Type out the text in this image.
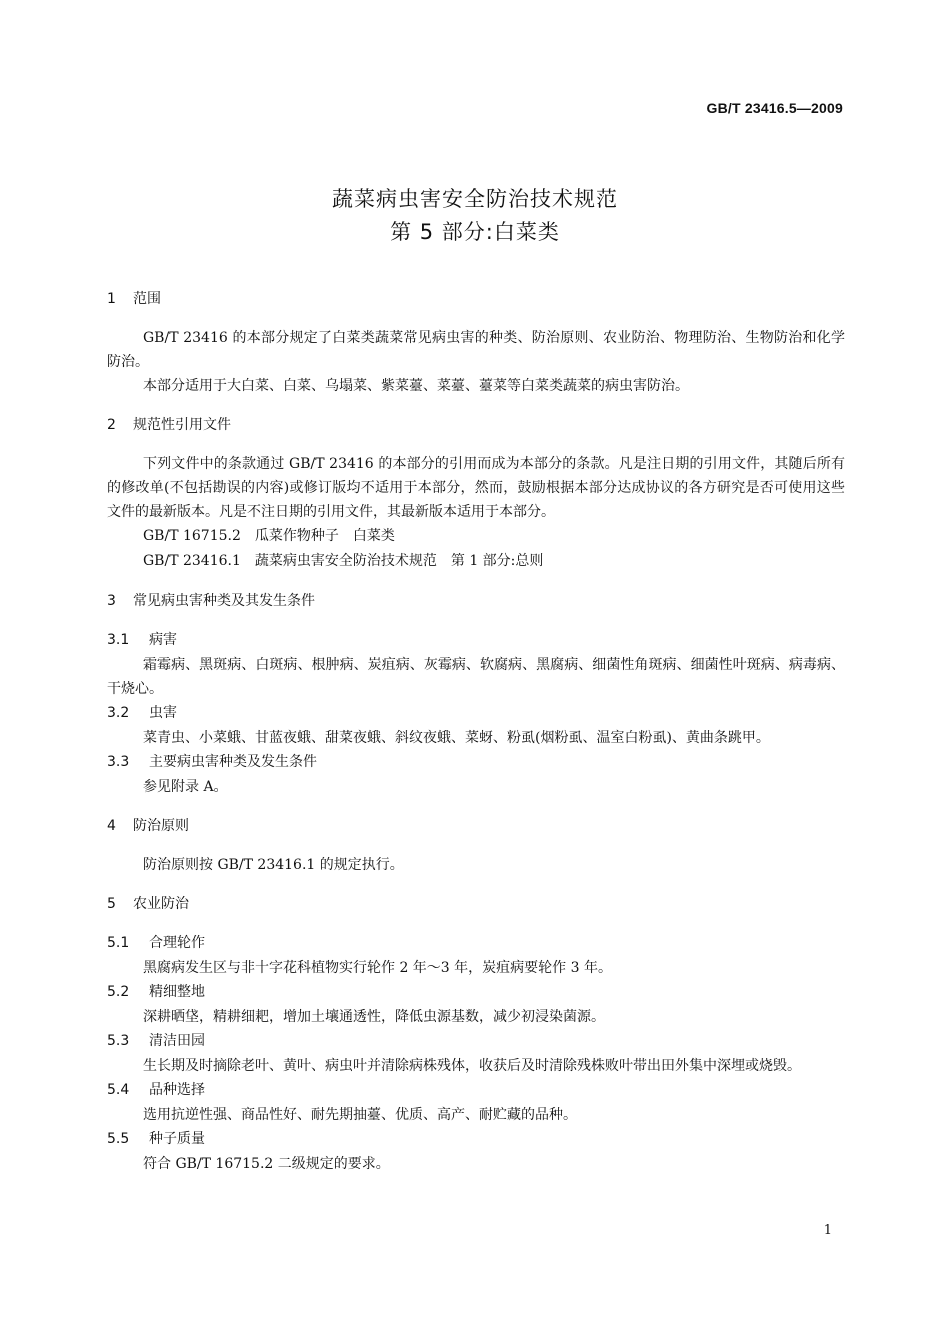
GB/T 23416.5—2009
蔬菜病虫害安全防治技术规范
第 5 部分:白菜类
1 范围

GB/T 23416 的本部分规定了白菜类蔬菜常见病虫害的种类、防治原则、农业防治、物理防治、生物防治和化学防治。

本部分适用于大白菜、白菜、乌塌菜、紫菜薹、菜薹、薹菜等白菜类蔬菜的病虫害防治。

2 规范性引用文件

下列文件中的条款通过 GB/T 23416 的本部分的引用而成为本部分的条款。凡是注日期的引用文件，其随后所有的修改单(不包括勘误的内容)或修订版均不适用于本部分，然而，鼓励根据本部分达成协议的各方研究是否可使用这些文件的最新版本。凡是不注日期的引用文件，其最新版本适用于本部分。

GB/T 16715.2　瓜菜作物种子　白菜类

GB/T 23416.1　蔬菜病虫害安全防治技术规范　第 1 部分:总则

3 常见病虫害种类及其发生条件
3.1 病害

霜霉病、黑斑病、白斑病、根肿病、炭疽病、灰霉病、软腐病、黑腐病、细菌性角斑病、细菌性叶斑病、病毒病、干烧心。

3.2 虫害

菜青虫、小菜蛾、甘蓝夜蛾、甜菜夜蛾、斜纹夜蛾、菜蚜、粉虱(烟粉虱、温室白粉虱)、黄曲条跳甲。

3.3 主要病虫害种类及发生条件

参见附录 A。

4 防治原则

防治原则按 GB/T 23416.1 的规定执行。

5 农业防治
5.1 合理轮作

黑腐病发生区与非十字花科植物实行轮作 2 年～3 年，炭疽病要轮作 3 年。

5.2 精细整地

深耕晒垡，精耕细耙，增加土壤通透性，降低虫源基数，减少初浸染菌源。

5.3 清洁田园

生长期及时摘除老叶、黄叶、病虫叶并清除病株残体，收获后及时清除残株败叶带出田外集中深埋或烧毁。

5.4 品种选择

选用抗逆性强、商品性好、耐先期抽薹、优质、高产、耐贮藏的品种。

5.5 种子质量

符合 GB/T 16715.2 二级规定的要求。

1
